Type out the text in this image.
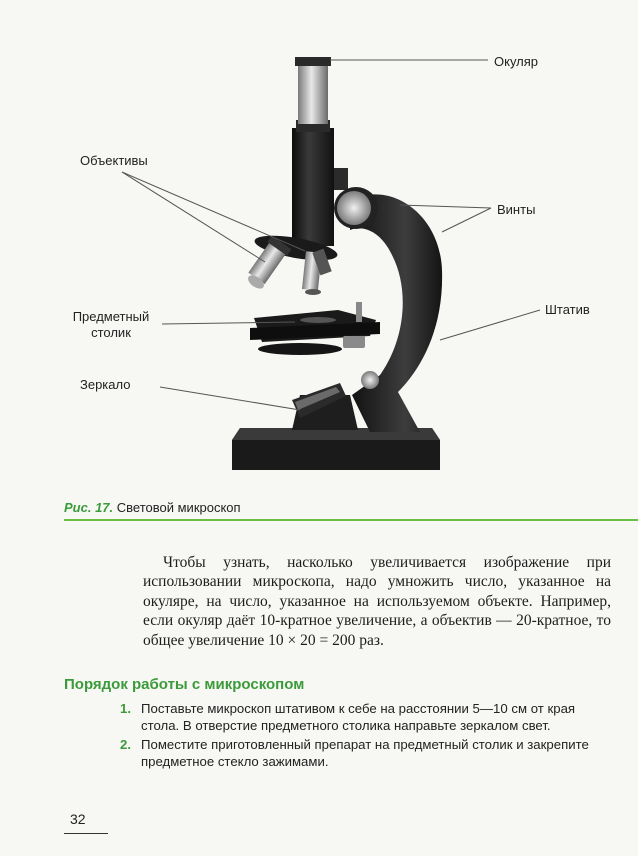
Окуляр
Объективы
Винты
Штатив
Предметный
столик
Зеркало
Рис. 17. Световой микроскоп

Чтобы узнать, насколько увеличивается изображение при использовании микроскопа, надо умножить число, указанное на окуляре, на число, указанное на используемом объекте. Например, если окуляр даёт 10-кратное увеличение, а объектив — 20-кратное, то общее увеличение 10 × 20 = 200 раз.

Порядок работы с микроскопом
1. Поставьте микроскоп штативом к себе на расстоянии 5—10 см от края стола. В отверстие предметного столика направьте зеркалом свет.
2. Поместите приготовленный препарат на предметный столик и закрепите предметное стекло зажимами.
32
